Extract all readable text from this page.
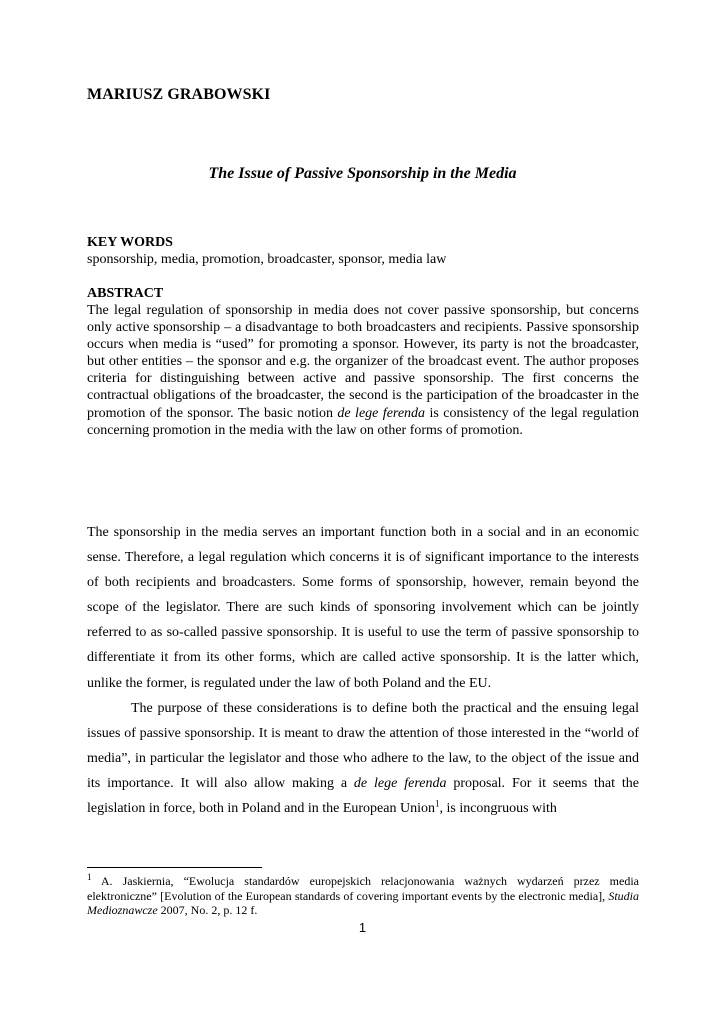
MARIUSZ GRABOWSKI
The Issue of Passive Sponsorship in the Media
KEY WORDS
sponsorship, media, promotion, broadcaster, sponsor, media law
ABSTRACT
The legal regulation of sponsorship in media does not cover passive sponsorship, but concerns only active sponsorship – a disadvantage to both broadcasters and recipients. Passive sponsorship occurs when media is “used” for promoting a sponsor. However, its party is not the broadcaster, but other entities – the sponsor and e.g. the organizer of the broadcast event. The author proposes criteria for distinguishing between active and passive sponsorship. The first concerns the contractual obligations of the broadcaster, the second is the participation of the broadcaster in the promotion of the sponsor. The basic notion de lege ferenda is consistency of the legal regulation concerning promotion in the media with the law on other forms of promotion.

The sponsorship in the media serves an important function both in a social and in an economic sense. Therefore, a legal regulation which concerns it is of significant importance to the interests of both recipients and broadcasters. Some forms of sponsorship, however, remain beyond the scope of the legislator. There are such kinds of sponsoring involvement which can be jointly referred to as so-called passive sponsorship. It is useful to use the term of passive sponsorship to differentiate it from its other forms, which are called active sponsorship. It is the latter which, unlike the former, is regulated under the law of both Poland and the EU.

The purpose of these considerations is to define both the practical and the ensuing legal issues of passive sponsorship. It is meant to draw the attention of those interested in the “world of media”, in particular the legislator and those who adhere to the law, to the object of the issue and its importance. It will also allow making a de lege ferenda proposal. For it seems that the legislation in force, both in Poland and in the European Union$^1$, is incongruous with

$^1$ A. Jaskiernia, “Ewolucja standardów europejskich relacjonowania ważnych wydarzeń przez media elektroniczne” [Evolution of the European standards of covering important events by the electronic media], Studia Medioznawcze 2007, No. 2, p. 12 f.
1
